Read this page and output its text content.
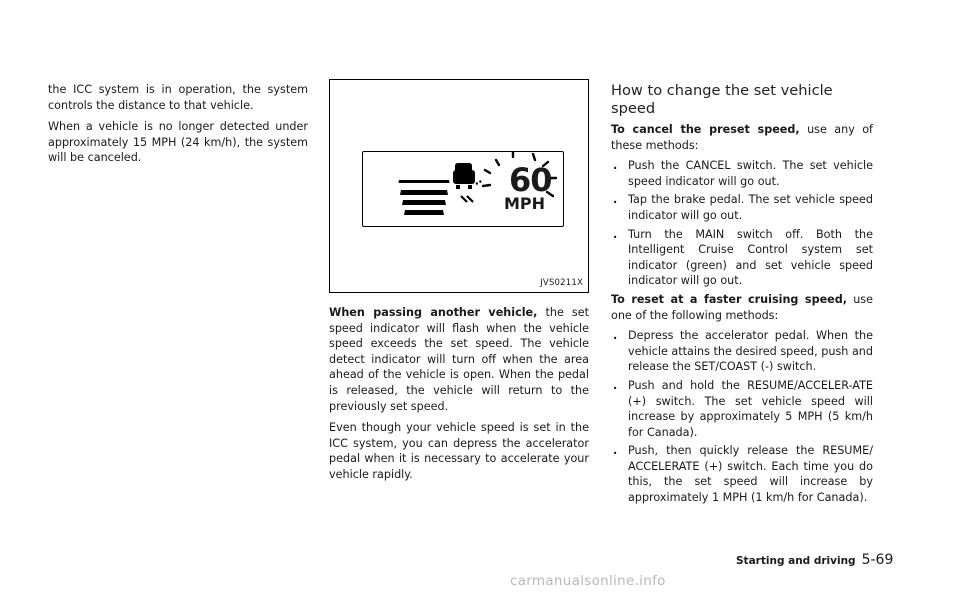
the ICC system is in operation, the system controls the distance to that vehicle.

When a vehicle is no longer detected under approximately 15 MPH (24 km/h), the system will be canceled.

60
MPH
JVS0211X

When passing another vehicle, the set speed indicator will flash when the vehicle speed exceeds the set speed. The vehicle detect indicator will turn off when the area ahead of the vehicle is open. When the pedal is released, the vehicle will return to the previously set speed.

Even though your vehicle speed is set in the ICC system, you can depress the accelerator pedal when it is necessary to accelerate your vehicle rapidly.

How to change the set vehicle speed

To cancel the preset speed, use any of these methods:

. Push the CANCEL switch. The set vehicle speed indicator will go out.
. Tap the brake pedal. The set vehicle speed indicator will go out.
. Turn the MAIN switch off. Both the Intelligent Cruise Control system set indicator (green) and set vehicle speed indicator will go out.

To reset at a faster cruising speed, use one of the following methods:

. Depress the accelerator pedal. When the vehicle attains the desired speed, push and release the SET/COAST (-) switch.
. Push and hold the RESUME/ACCELER-ATE (+) switch. The set vehicle speed will increase by approximately 5 MPH (5 km/h for Canada).
. Push, then quickly release the RESUME/ ACCELERATE (+) switch. Each time you do this, the set speed will increase by approximately 1 MPH (1 km/h for Canada).
Starting and driving 5-69
carmanualsonline.info
